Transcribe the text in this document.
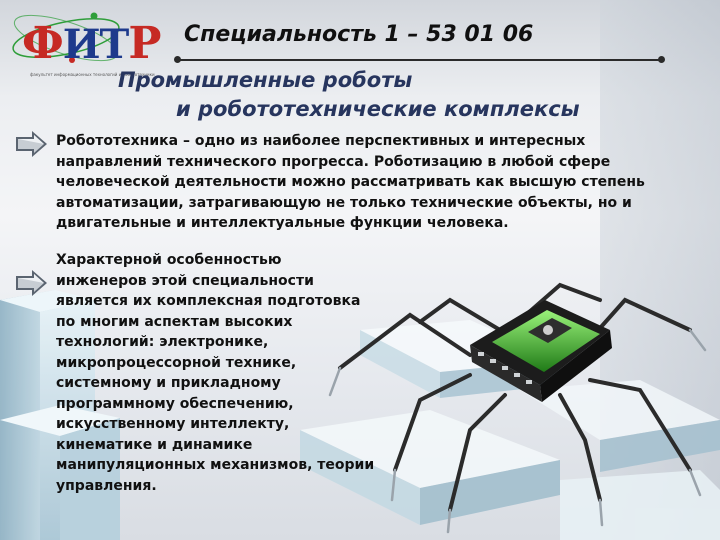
ФИТР
факультет информационных технологий и робототехники
Специальность 1 – 53 01 06
Промышленные роботы
и робототехнические комплексы

Робототехника – одно из наиболее перспективных и интересных направлений технического прогресса. Роботизацию в любой сфере человеческой деятельности можно рассматривать как высшую степень автоматизации, затрагивающую не только технические объекты, но и двигательные и интеллектуальные функции человека.

Характерной особенностью инженеров этой специальности является их комплексная подготовка по многим аспектам высоких технологий: электронике, микропроцессорной технике, системному и прикладному программному обеспечению, искусственному интеллекту, кинематике и динамике манипуляционных механизмов, теории управления.
